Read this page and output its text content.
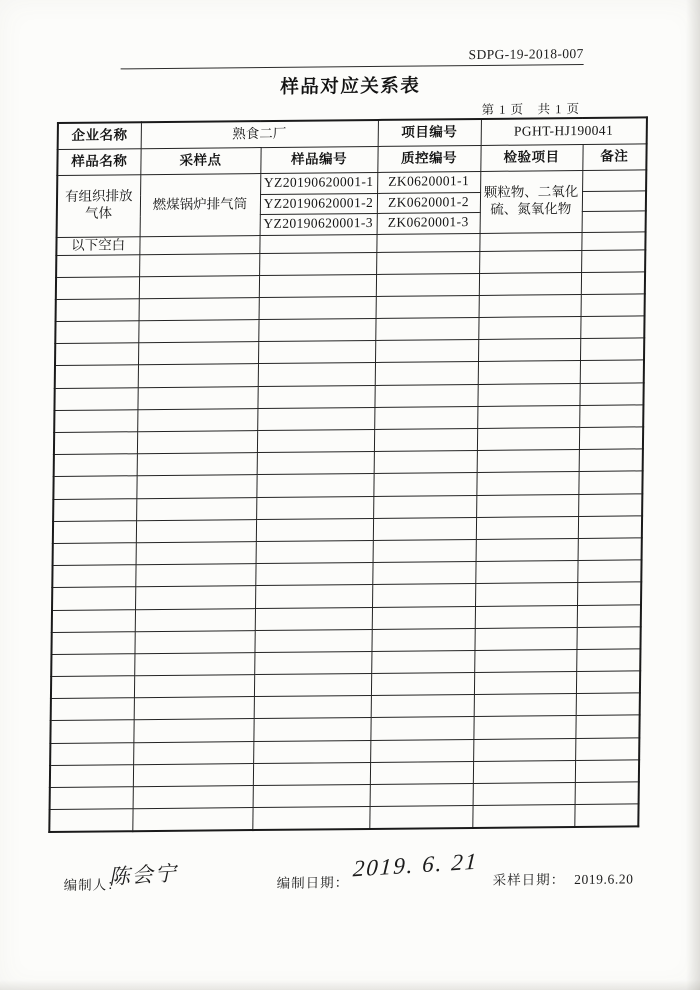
SDPG-19-2018-007
样品对应关系表
第 1 页　共 1 页
企业名称	熟食二厂		项目编号	PGHT-HJ190041	
样品名称	采样点	样品编号	质控编号	检验项目	备注
有组织排放气体	燃煤锅炉排气筒	YZ20190620001-1	ZK0620001-1	颗粒物、二氧化硫、氮氧化物	
		YZ20190620001-2	ZK0620001-2		
		YZ20190620001-3	ZK0620001-3		
以下空白					

编制人：
陈会宁	编制日期：
2019. 6. 21 采样日期： 2019.6.20
